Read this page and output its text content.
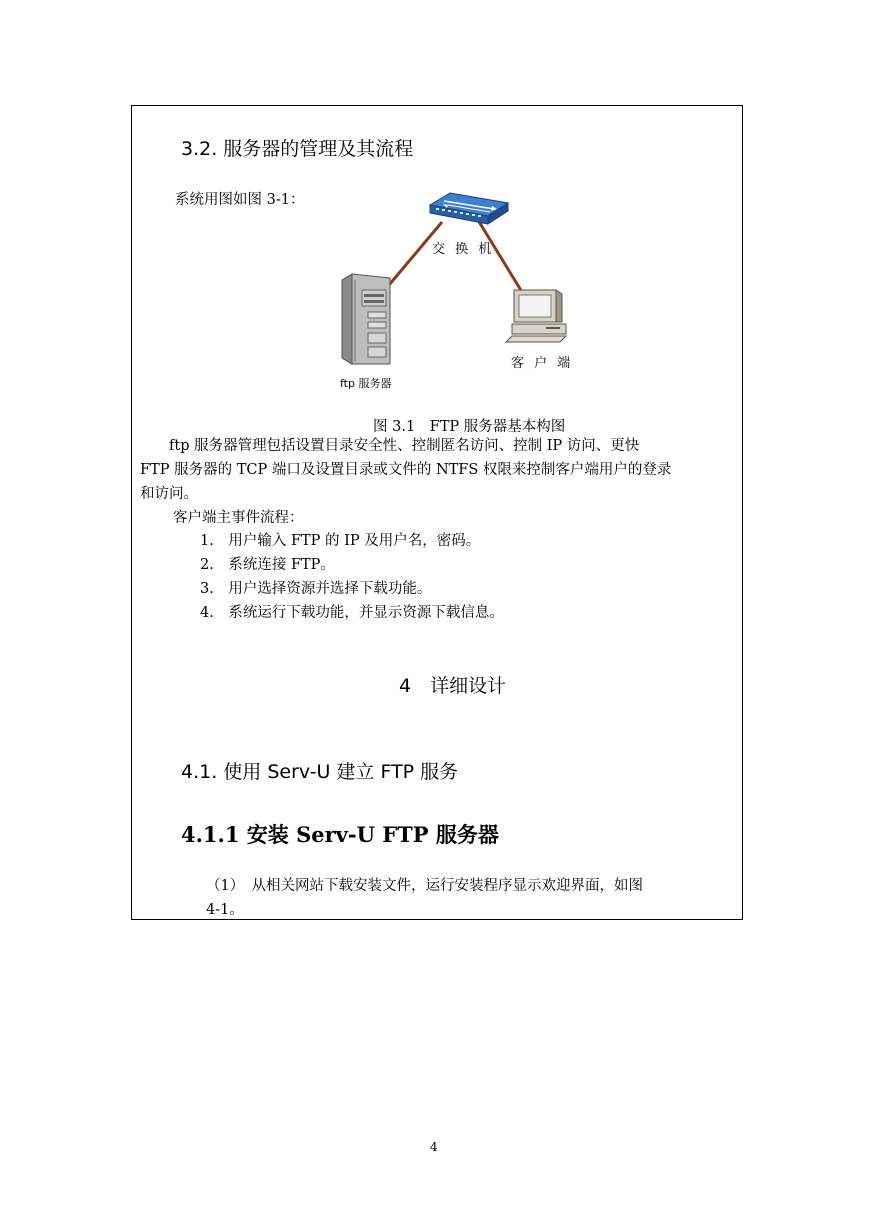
3.2. 服务器的管理及其流程
系统用图如图 3-1：
交 换 机
客 户 端
ftp 服务器
图 3.1　FTP 服务器基本构图
　　ftp 服务器管理包括设置目录安全性、控制匿名访问、控制 IP 访问、更快
FTP 服务器的 TCP 端口及设置目录或文件的 NTFS 权限来控制客户端用户的登录
和访问。
客户端主事件流程：
1.　用户输入 FTP 的 IP 及用户名，密码。
2.　系统连接 FTP。
3.　用户选择资源并选择下载功能。
4.　系统运行下载功能，并显示资源下载信息。
4　详细设计
4.1. 使用 Serv-U 建立 FTP 服务
4.1.1 安装 Serv-U FTP 服务器
（1）　从相关网站下载安装文件，运行安装程序显示欢迎界面，如图
4-1。
4
